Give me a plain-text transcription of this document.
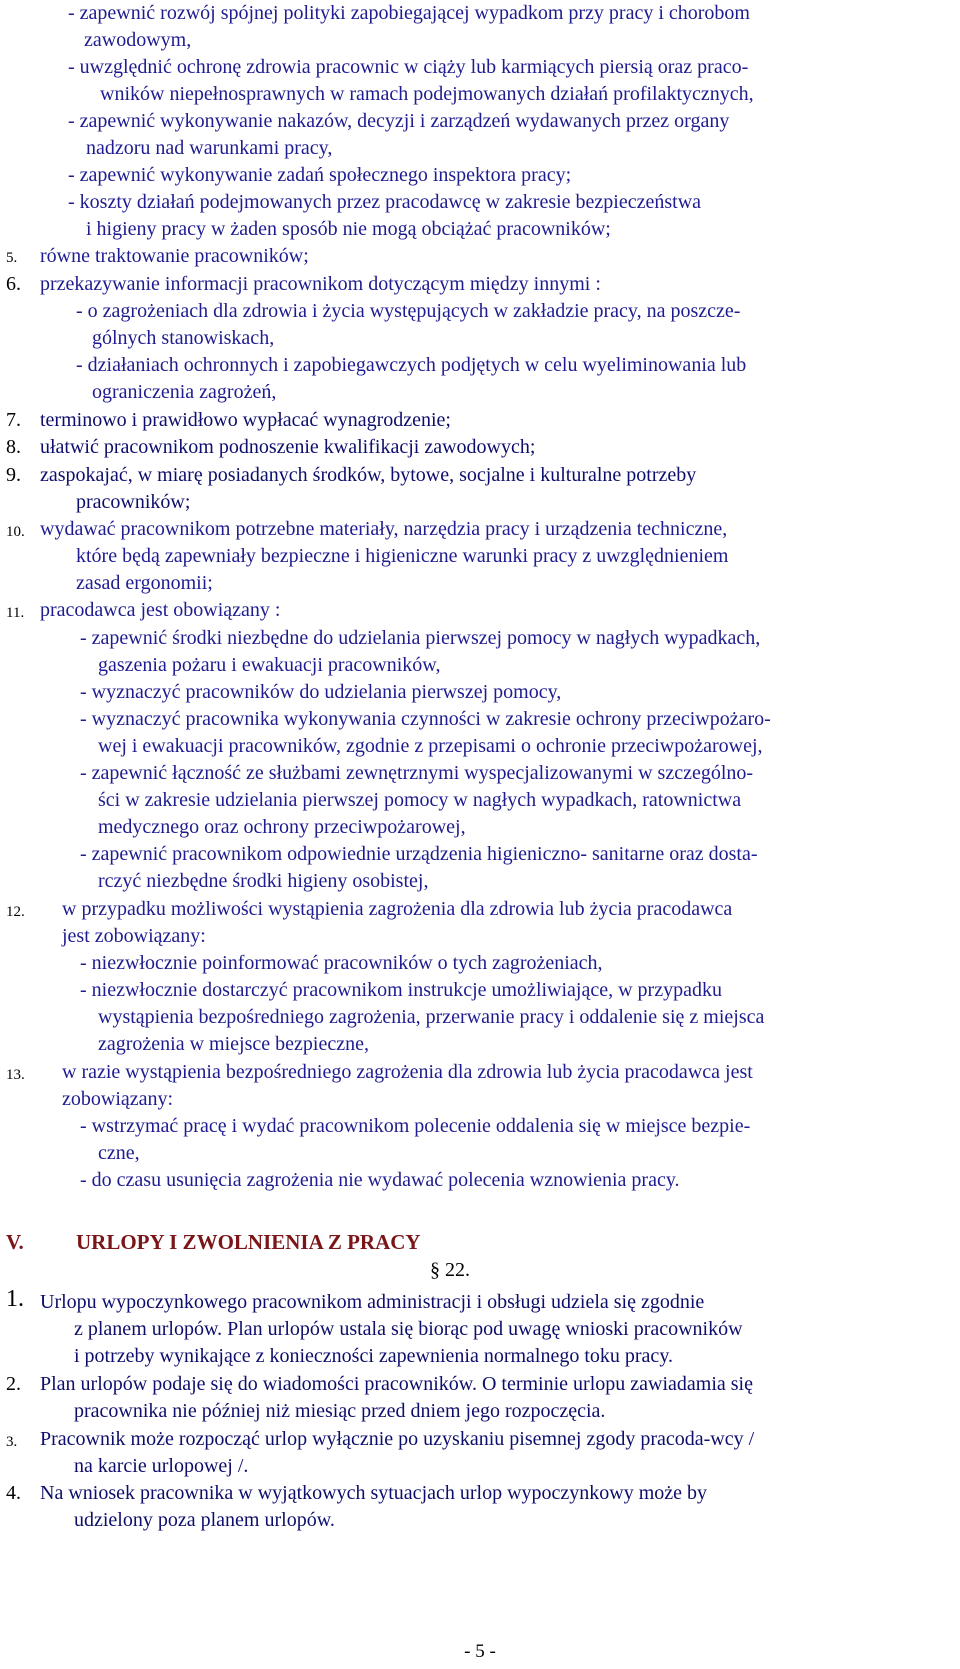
- zapewnić rozwój spójnej polityki zapobiegającej wypadkom przy pracy i chorobom
zawodowym,
- uwzględnić ochronę zdrowia pracownic w ciąży lub karmiących piersią oraz praco-
wników niepełnosprawnych w ramach podejmowanych działań profilaktycznych,
- zapewnić wykonywanie nakazów, decyzji i zarządzeń wydawanych przez organy
nadzoru nad warunkami pracy,
- zapewnić wykonywanie zadań społecznego inspektora pracy;
- koszty działań podejmowanych przez pracodawcę w zakresie bezpieczeństwa
i higieny pracy w żaden sposób nie mogą obciążać pracowników;
5. równe traktowanie pracowników;
6. przekazywanie informacji pracownikom dotyczącym między innymi :
- o zagrożeniach dla zdrowia i życia występujących w zakładzie pracy, na poszcze-
gólnych stanowiskach,
- działaniach ochronnych i zapobiegawczych podjętych w celu wyeliminowania lub
ograniczenia zagrożeń,
7. terminowo i prawidłowo wypłacać wynagrodzenie;
8. ułatwić pracownikom podnoszenie kwalifikacji zawodowych;
9. zaspokajać, w miarę posiadanych środków, bytowe, socjalne i kulturalne potrzeby
pracowników;
10. wydawać pracownikom potrzebne materiały, narzędzia pracy i urządzenia techniczne,
które będą zapewniały bezpieczne i higieniczne warunki pracy z uwzględnieniem
zasad ergonomii;
11. pracodawca jest obowiązany :
- zapewnić środki niezbędne do udzielania pierwszej pomocy w nagłych wypadkach,
gaszenia pożaru i ewakuacji pracowników,
- wyznaczyć pracowników do udzielania pierwszej pomocy,
- wyznaczyć pracownika wykonywania czynności w zakresie ochrony przeciwpożaro-
wej i ewakuacji pracowników, zgodnie z przepisami o ochronie przeciwpożarowej,
- zapewnić łączność ze służbami zewnętrznymi wyspecjalizowanymi w szczególno-
ści w zakresie udzielania pierwszej pomocy w nagłych wypadkach, ratownictwa
medycznego oraz ochrony przeciwpożarowej,
- zapewnić pracownikom odpowiednie urządzenia higieniczno- sanitarne oraz dosta-
rczyć niezbędne środki higieny osobistej,
12. w przypadku możliwości wystąpienia zagrożenia dla zdrowia lub życia pracodawca
jest zobowiązany:
- niezwłocznie poinformować pracowników o tych zagrożeniach,
- niezwłocznie dostarczyć pracownikom instrukcje umożliwiające, w przypadku
wystąpienia bezpośredniego zagrożenia, przerwanie pracy i oddalenie się z miejsca
zagrożenia w miejsce bezpieczne,
13. w razie wystąpienia bezpośredniego zagrożenia dla zdrowia lub życia pracodawca jest
zobowiązany:
- wstrzymać pracę i wydać pracownikom polecenie oddalenia się w miejsce bezpie-
czne,
- do czasu usunięcia zagrożenia nie wydawać polecenia wznowienia pracy.
V. URLOPY I ZWOLNIENIA Z PRACY
§ 22.
1. Urlopu wypoczynkowego pracownikom administracji i obsługi udziela się zgodnie
z planem urlopów. Plan urlopów ustala się biorąc pod uwagę wnioski pracowników
i potrzeby wynikające z konieczności zapewnienia normalnego toku pracy.
2. Plan urlopów podaje się do wiadomości pracowników. O terminie urlopu zawiadamia się
pracownika nie później niż miesiąc przed dniem jego rozpoczęcia.
3. Pracownik może rozpocząć urlop wyłącznie po uzyskaniu pisemnej zgody pracoda-wcy /
na karcie urlopowej /.
4. Na wniosek pracownika w wyjątkowych sytuacjach urlop wypoczynkowy może by
udzielony poza planem urlopów.
- 5 -
